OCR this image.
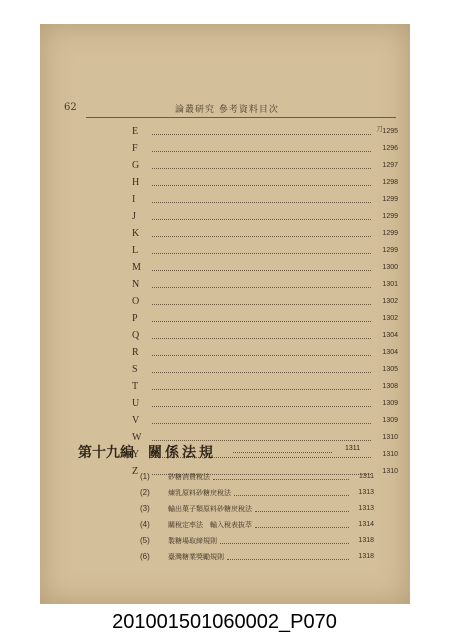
62	論叢研究 參考資料目次
刀
E	1295
F	1296
G	1297
H	1298
I	1299
J	1299
K	1299
L	1299
M	1300
N	1301
O	1302
P	1302
Q	1304
R	1304
S	1305
T	1308
U	1309
V	1309
W	1310
Y	1310
Z	1310
第十九編 關係法規	1311
(1)	砂糖消費稅法	1311
(2)	煉乳原料砂糖戻稅法	1313
(3)	輸出菓子類原料砂糖戻稅法	1313
(4)	關稅定率法　輸入稅表抜萃	1314
(5)	製糖場取締規則	1318
(6)	臺灣糖業獎勵規則	1318
201001501060002_P070
